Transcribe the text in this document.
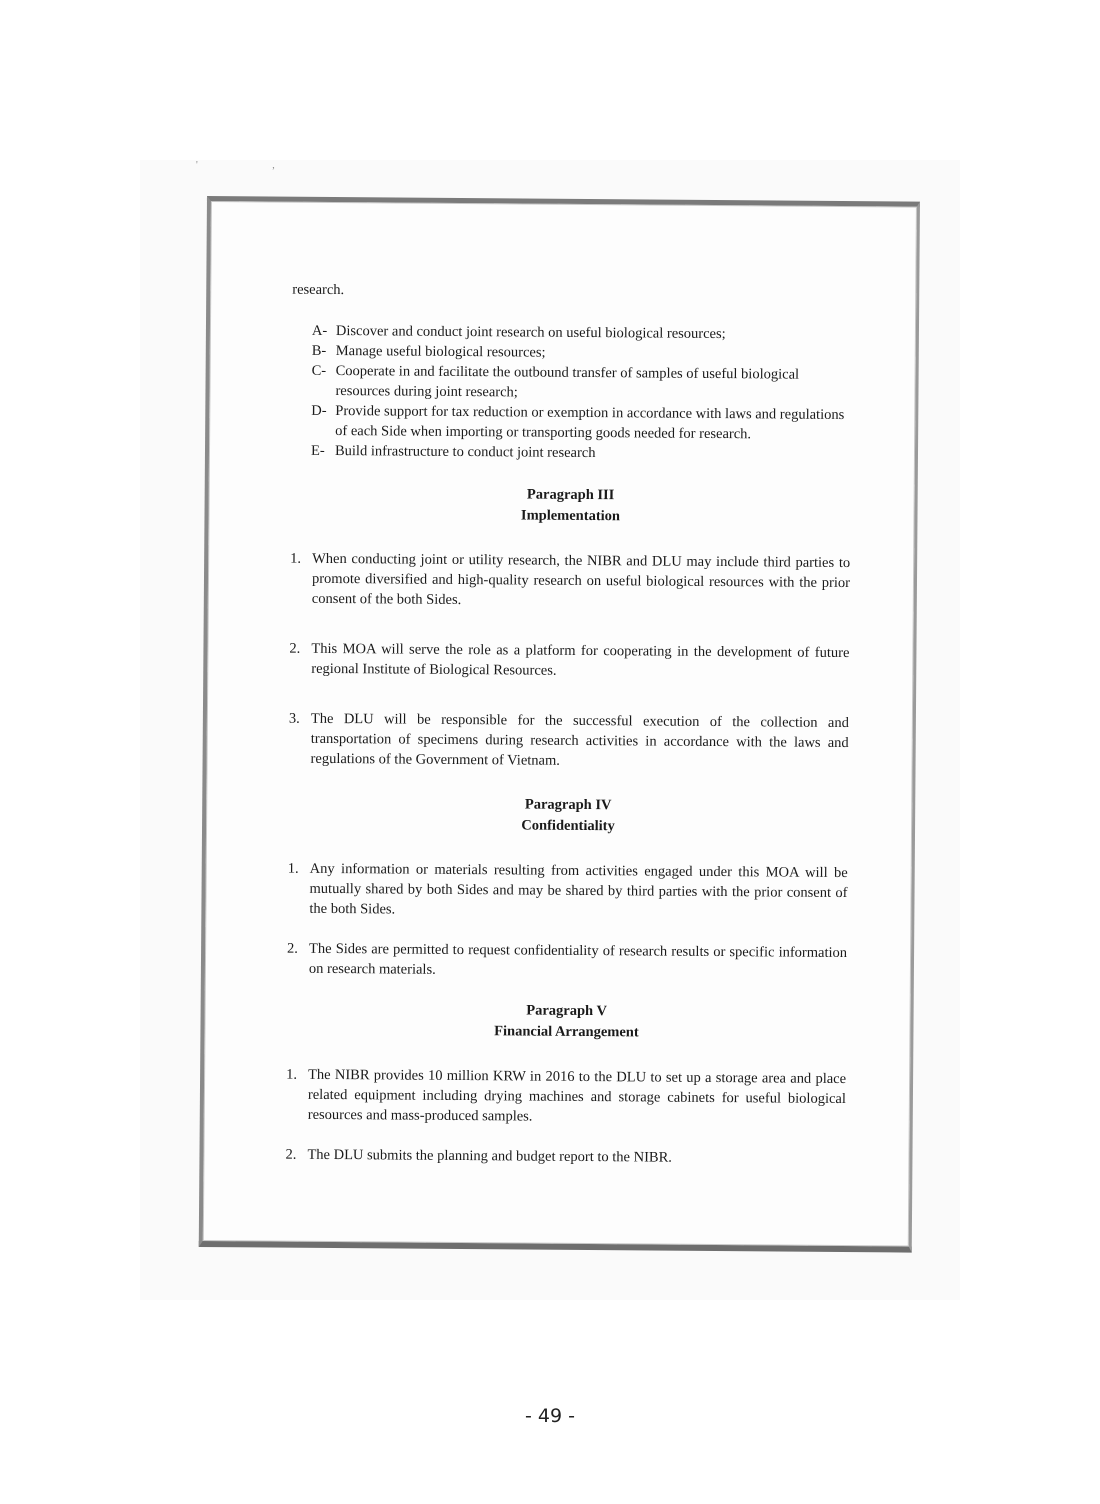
' ,

research.

A- Discover and conduct joint research on useful biological resources;
B- Manage useful biological resources;
C- Cooperate in and facilitate the outbound transfer of samples of useful biological resources during joint research;
D- Provide support for tax reduction or exemption in accordance with laws and regulations of each Side when importing or transporting goods needed for research.
E- Build infrastructure to conduct joint research
Paragraph III
Implementation
1. When conducting joint or utility research, the NIBR and DLU may include third parties to promote diversified and high-quality research on useful biological resources with the prior consent of the both Sides.
2. This MOA will serve the role as a platform for cooperating in the development of future regional Institute of Biological Resources.
3. The DLU will be responsible for the successful execution of the collection and transportation of specimens during research activities in accordance with the laws and regulations of the Government of Vietnam.
Paragraph IV
Confidentiality
1. Any information or materials resulting from activities engaged under this MOA will be mutually shared by both Sides and may be shared by third parties with the prior consent of the both Sides.
2. The Sides are permitted to request confidentiality of research results or specific information on research materials.
Paragraph V
Financial Arrangement
1. The NIBR provides 10 million KRW in 2016 to the DLU to set up a storage area and place related equipment including drying machines and storage cabinets for useful biological resources and mass-produced samples.
2. The DLU submits the planning and budget report to the NIBR.
- 49 -
